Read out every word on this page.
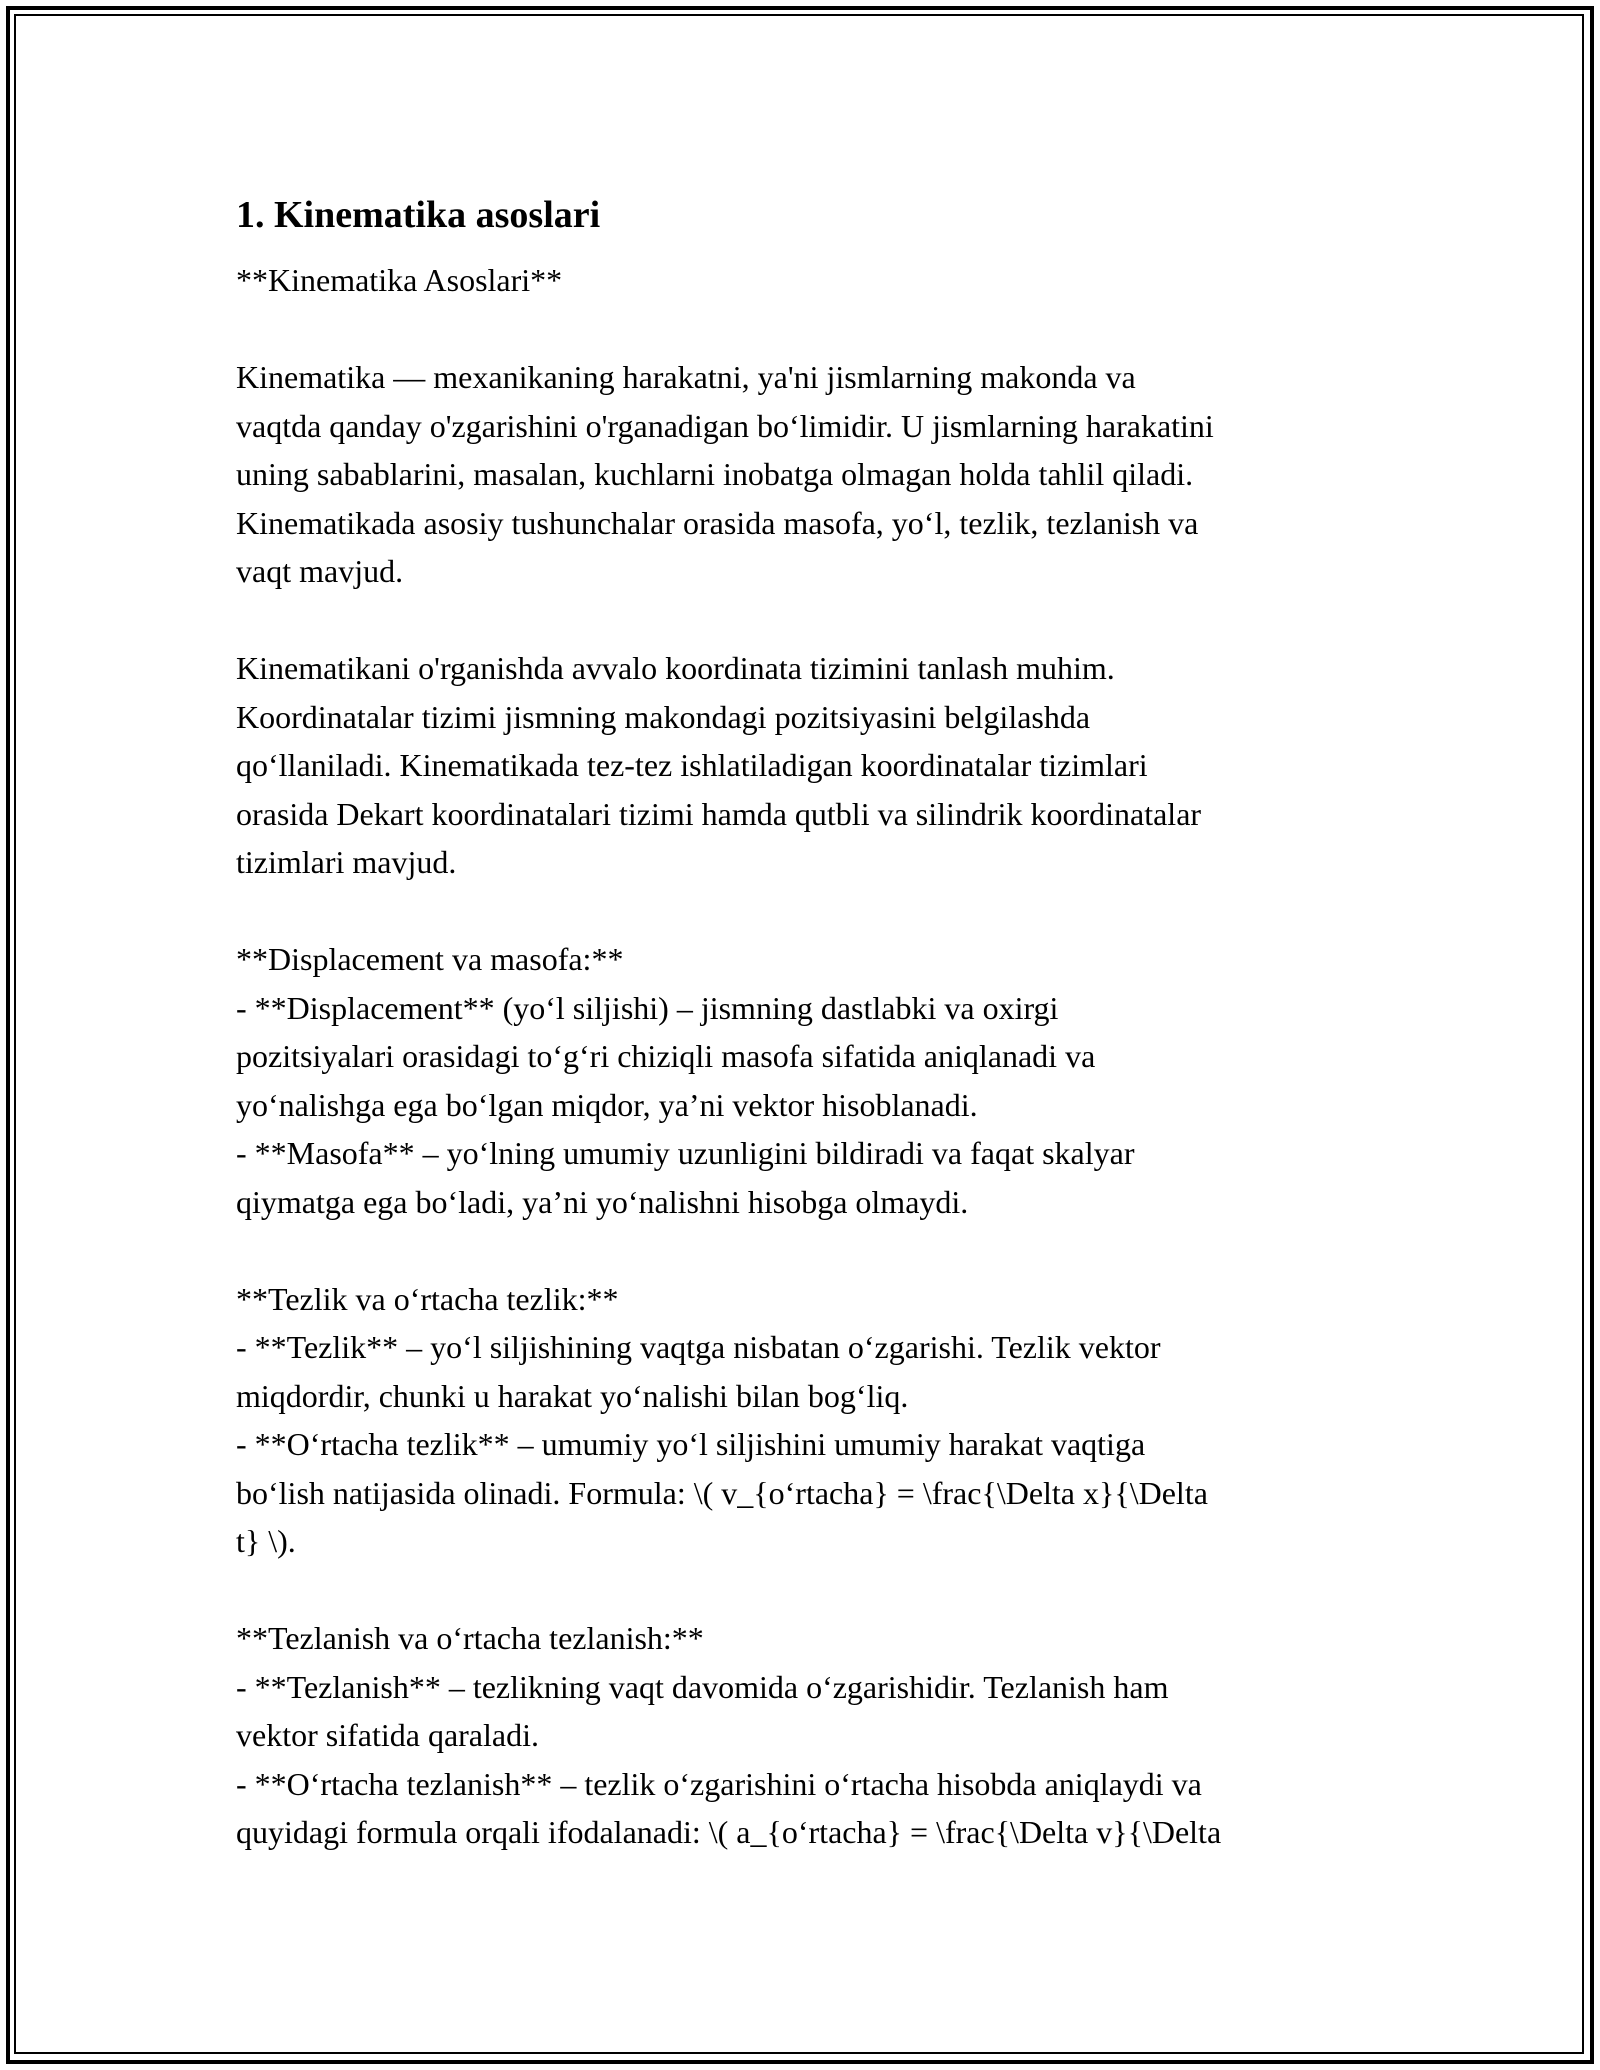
1. Kinematika asoslari
**Kinematika Asoslari**
Kinematika — mexanikaning harakatni, ya'ni jismlarning makonda va
vaqtda qanday o'zgarishini o'rganadigan bo‘limidir. U jismlarning harakatini
uning sabablarini, masalan, kuchlarni inobatga olmagan holda tahlil qiladi.
Kinematikada asosiy tushunchalar orasida masofa, yo‘l, tezlik, tezlanish va
vaqt mavjud.
Kinematikani o'rganishda avvalo koordinata tizimini tanlash muhim.
Koordinatalar tizimi jismning makondagi pozitsiyasini belgilashda
qo‘llaniladi. Kinematikada tez-tez ishlatiladigan koordinatalar tizimlari
orasida Dekart koordinatalari tizimi hamda qutbli va silindrik koordinatalar
tizimlari mavjud.
**Displacement va masofa:**
- **Displacement** (yo‘l siljishi) – jismning dastlabki va oxirgi
pozitsiyalari orasidagi to‘g‘ri chiziqli masofa sifatida aniqlanadi va
yo‘nalishga ega bo‘lgan miqdor, ya’ni vektor hisoblanadi.
- **Masofa** – yo‘lning umumiy uzunligini bildiradi va faqat skalyar
qiymatga ega bo‘ladi, ya’ni yo‘nalishni hisobga olmaydi.
**Tezlik va o‘rtacha tezlik:**
- **Tezlik** – yo‘l siljishining vaqtga nisbatan o‘zgarishi. Tezlik vektor
miqdordir, chunki u harakat yo‘nalishi bilan bog‘liq.
- **O‘rtacha tezlik** – umumiy yo‘l siljishini umumiy harakat vaqtiga
bo‘lish natijasida olinadi. Formula: \( v_{o‘rtacha} = \frac{\Delta x}{\Delta
t} \).
**Tezlanish va o‘rtacha tezlanish:**
- **Tezlanish** – tezlikning vaqt davomida o‘zgarishidir. Tezlanish ham
vektor sifatida qaraladi.
- **O‘rtacha tezlanish** – tezlik o‘zgarishini o‘rtacha hisobda aniqlaydi va
quyidagi formula orqali ifodalanadi: \( a_{o‘rtacha} = \frac{\Delta v}{\Delta
